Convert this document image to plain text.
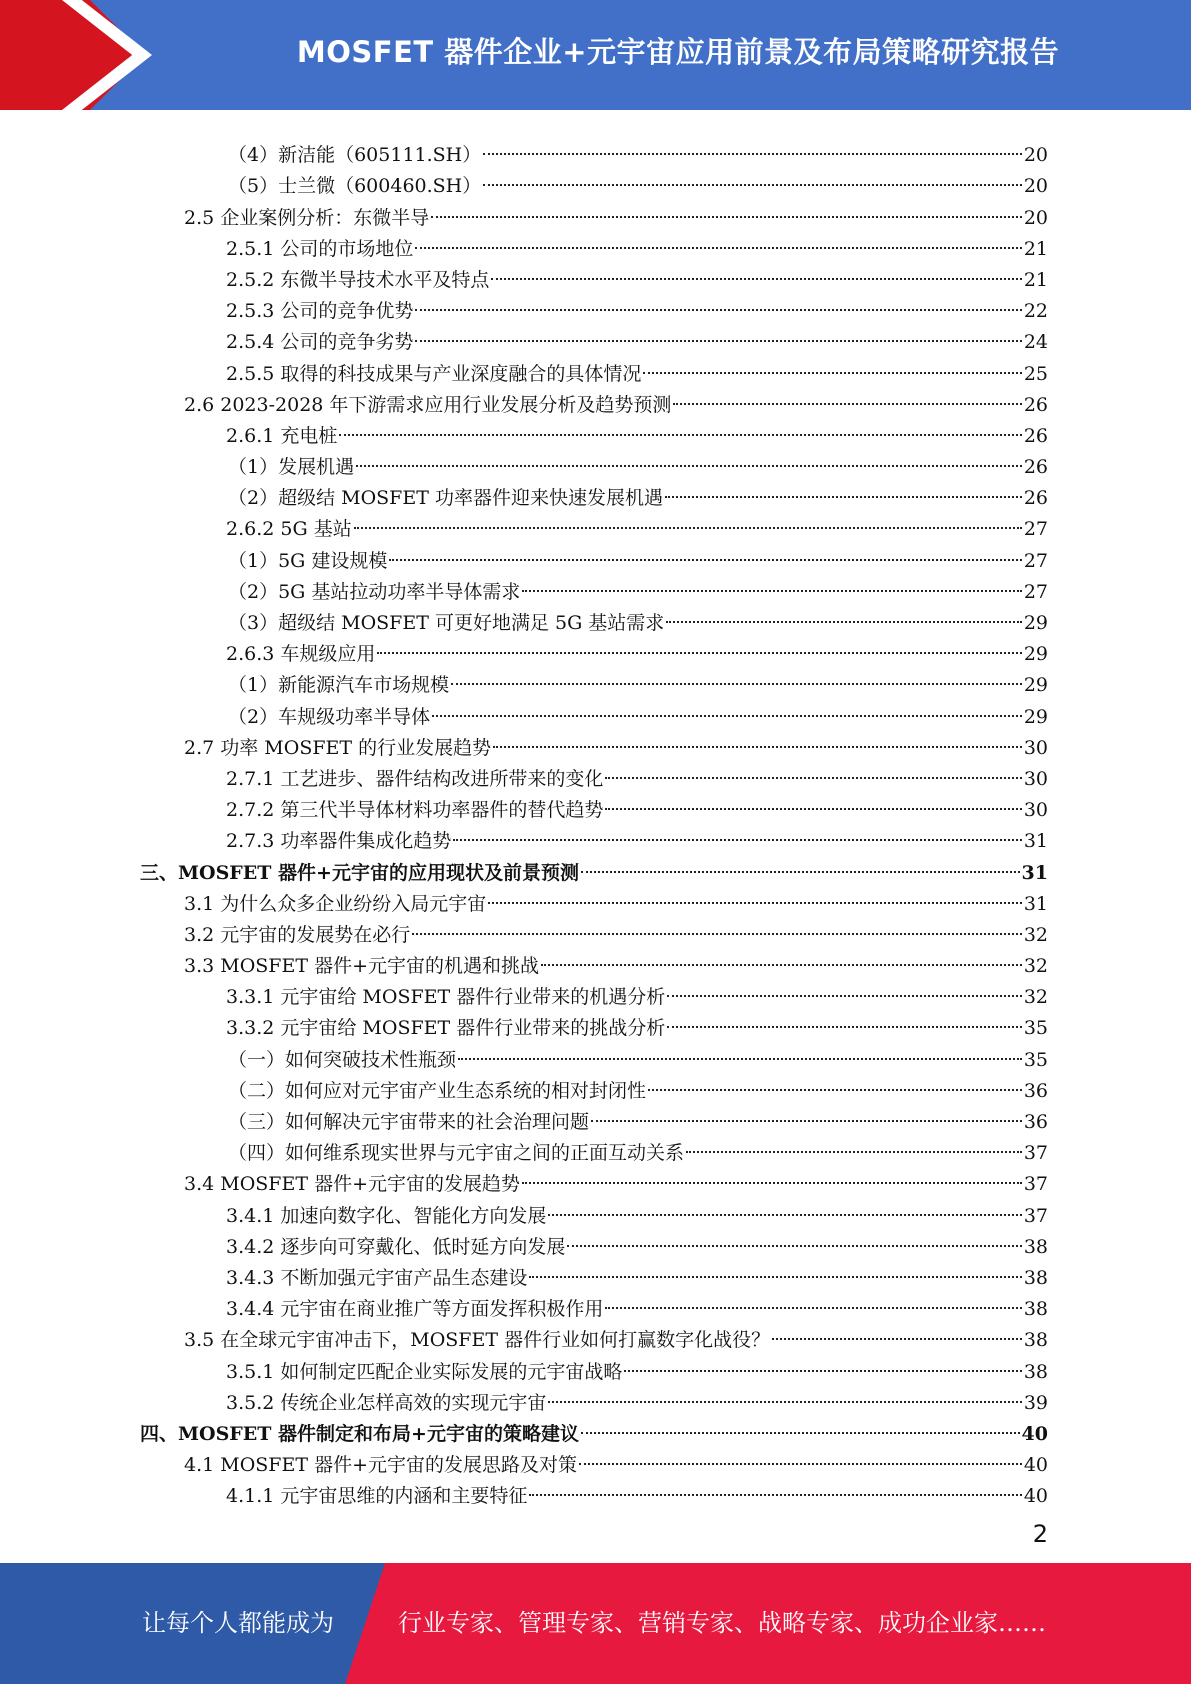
MOSFET 器件企业+元宇宙应用前景及布局策略研究报告
（4）新洁能（605111.SH）	20
（5）士兰微（600460.SH）	20
2.5 企业案例分析：东微半导	20
2.5.1 公司的市场地位	21
2.5.2 东微半导技术水平及特点	21
2.5.3 公司的竞争优势	22
2.5.4 公司的竞争劣势	24
2.5.5 取得的科技成果与产业深度融合的具体情况	25
2.6 2023-2028 年下游需求应用行业发展分析及趋势预测	26
2.6.1 充电桩	26
（1）发展机遇	26
（2）超级结 MOSFET 功率器件迎来快速发展机遇	26
2.6.2 5G 基站	27
（1）5G 建设规模	27
（2）5G 基站拉动功率半导体需求	27
（3）超级结 MOSFET 可更好地满足 5G 基站需求	29
2.6.3 车规级应用	29
（1）新能源汽车市场规模	29
（2）车规级功率半导体	29
2.7 功率 MOSFET 的行业发展趋势	30
2.7.1 工艺进步、器件结构改进所带来的变化	30
2.7.2 第三代半导体材料功率器件的替代趋势	30
2.7.3 功率器件集成化趋势	31
三、MOSFET 器件+元宇宙的应用现状及前景预测	31
3.1 为什么众多企业纷纷入局元宇宙	31
3.2 元宇宙的发展势在必行	32
3.3 MOSFET 器件+元宇宙的机遇和挑战	32
3.3.1 元宇宙给 MOSFET 器件行业带来的机遇分析	32
3.3.2 元宇宙给 MOSFET 器件行业带来的挑战分析	35
（一）如何突破技术性瓶颈	35
（二）如何应对元宇宙产业生态系统的相对封闭性	36
（三）如何解决元宇宙带来的社会治理问题	36
（四）如何维系现实世界与元宇宙之间的正面互动关系	37
3.4 MOSFET 器件+元宇宙的发展趋势	37
3.4.1 加速向数字化、智能化方向发展	37
3.4.2 逐步向可穿戴化、低时延方向发展	38
3.4.3 不断加强元宇宙产品生态建设	38
3.4.4 元宇宙在商业推广等方面发挥积极作用	38
3.5 在全球元宇宙冲击下，MOSFET 器件行业如何打赢数字化战役？	38
3.5.1 如何制定匹配企业实际发展的元宇宙战略	38
3.5.2 传统企业怎样高效的实现元宇宙	39
四、MOSFET 器件制定和布局+元宇宙的策略建议	40
4.1 MOSFET 器件+元宇宙的发展思路及对策	40
4.1.1 元宇宙思维的内涵和主要特征	40
2
让每个人都能成为	行业专家、管理专家、营销专家、战略专家、成功企业家……
